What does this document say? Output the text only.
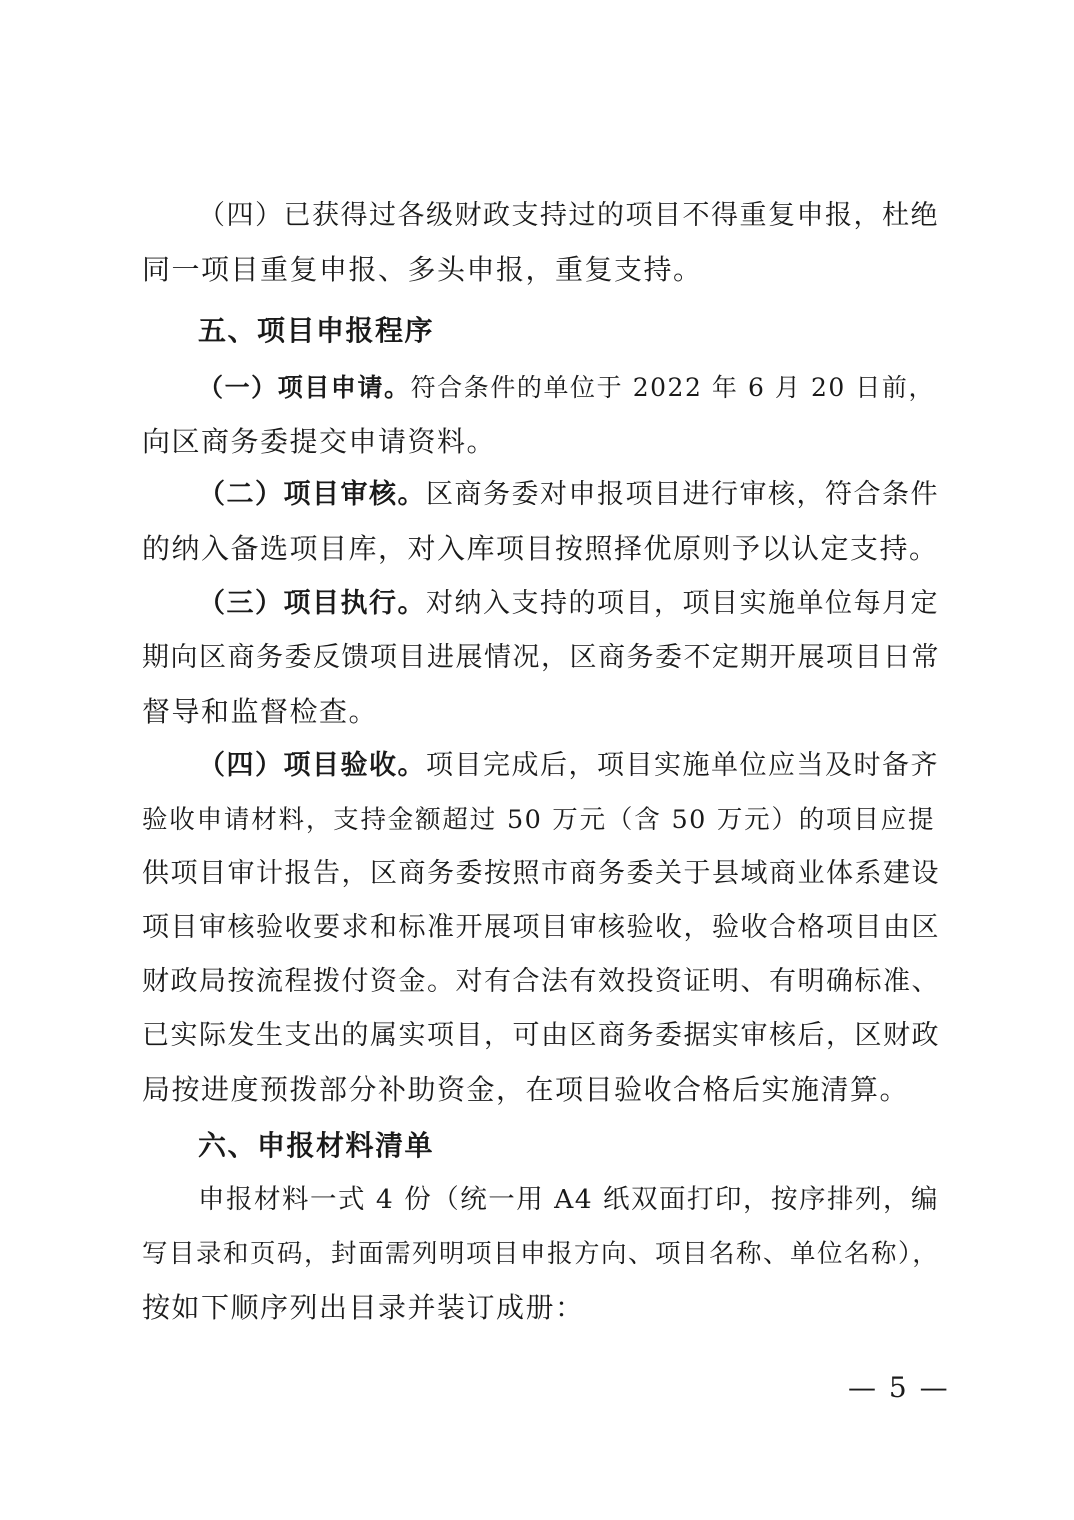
（四）已获得过各级财政支持过的项目不得重复申报，杜绝
同一项目重复申报、多头申报，重复支持。
五、项目申报程序
（一）项目申请。符合条件的单位于 2022 年 6 月 20 日前，
向区商务委提交申请资料。
（二）项目审核。区商务委对申报项目进行审核，符合条件
的纳入备选项目库，对入库项目按照择优原则予以认定支持。
（三）项目执行。对纳入支持的项目，项目实施单位每月定
期向区商务委反馈项目进展情况，区商务委不定期开展项目日常
督导和监督检查。
（四）项目验收。项目完成后，项目实施单位应当及时备齐
验收申请材料，支持金额超过 50 万元（含 50 万元）的项目应提
供项目审计报告，区商务委按照市商务委关于县域商业体系建设
项目审核验收要求和标准开展项目审核验收，验收合格项目由区
财政局按流程拨付资金。对有合法有效投资证明、有明确标准、
已实际发生支出的属实项目，可由区商务委据实审核后，区财政
局按进度预拨部分补助资金，在项目验收合格后实施清算。
六、申报材料清单
申报材料一式 4 份（统一用 A4 纸双面打印，按序排列，编
写目录和页码，封面需列明项目申报方向、项目名称、单位名称），
按如下顺序列出目录并装订成册：
— 5 —
